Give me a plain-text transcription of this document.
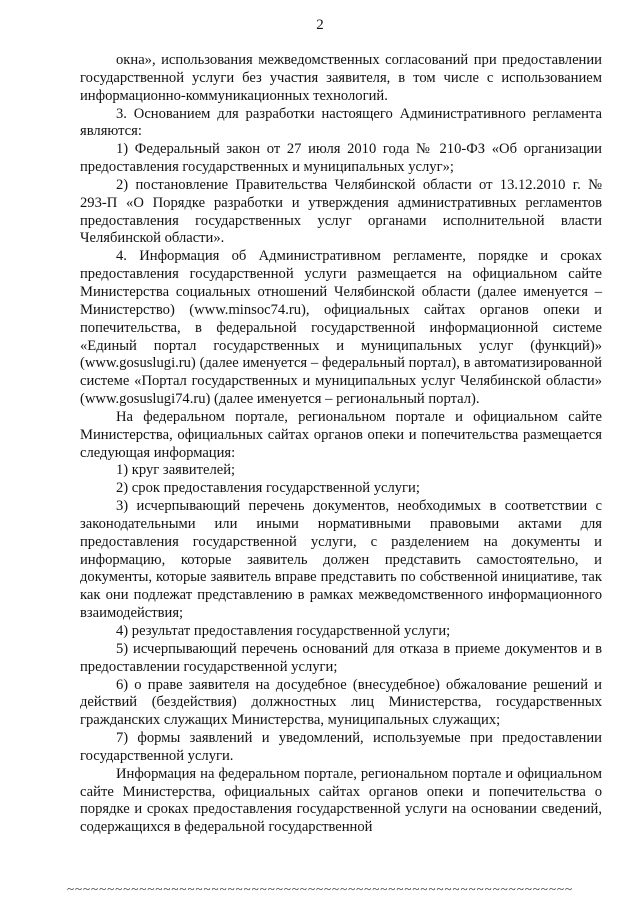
2

окна», использования межведомственных согласований при предоставлении государственной услуги без участия заявителя, в том числе с использованием информационно-коммуникационных технологий.

3. Основанием для разработки настоящего Административного регламента являются:

1) Федеральный закон от 27 июля 2010 года № 210-ФЗ «Об организации предоставления государственных и муниципальных услуг»;

2) постановление Правительства Челябинской области от 13.12.2010 г. № 293-П «О Порядке разработки и утверждения административных регламентов предоставления государственных услуг органами исполнительной власти Челябинской области».

4. Информация об Административном регламенте, порядке и сроках предоставления государственной услуги размещается на официальном сайте Министерства социальных отношений Челябинской области (далее именуется – Министерство) (www.minsoc74.ru), официальных сайтах органов опеки и попечительства, в федеральной государственной информационной системе «Единый портал государственных и муниципальных услуг (функций)» (www.gosuslugi.ru) (далее именуется – федеральный портал), в автоматизированной системе «Портал государственных и муниципальных услуг Челябинской области» (www.gosuslugi74.ru) (далее именуется – региональный портал).

На федеральном портале, региональном портале и официальном сайте Министерства, официальных сайтах органов опеки и попечительства размещается следующая информация:

1) круг заявителей;

2) срок предоставления государственной услуги;

3) исчерпывающий перечень документов, необходимых в соответствии с законодательными или иными нормативными правовыми актами для предоставления государственной услуги, с разделением на документы и информацию, которые заявитель должен представить самостоятельно, и документы, которые заявитель вправе представить по собственной инициативе, так как они подлежат представлению в рамках межведомственного информационного взаимодействия;

4) результат предоставления государственной услуги;

5) исчерпывающий перечень оснований для отказа в приеме документов и в предоставлении государственной услуги;

6) о праве заявителя на досудебное (внесудебное) обжалование решений и действий (бездействия) должностных лиц Министерства, государственных гражданских служащих Министерства, муниципальных служащих;

7) формы заявлений и уведомлений, используемые при предоставлении государственной услуги.

Информация на федеральном портале, региональном портале и официальном сайте Министерства, официальных сайтах органов опеки и попечительства о порядке и сроках предоставления государственной услуги на основании сведений, содержащихся в федеральной государственной

~~~~~~~~~~~~~~~~~~~~~~~~~~~~~~~~~~~~~~~~~~~~~~~~~~~~~~~~~~~~~~~
